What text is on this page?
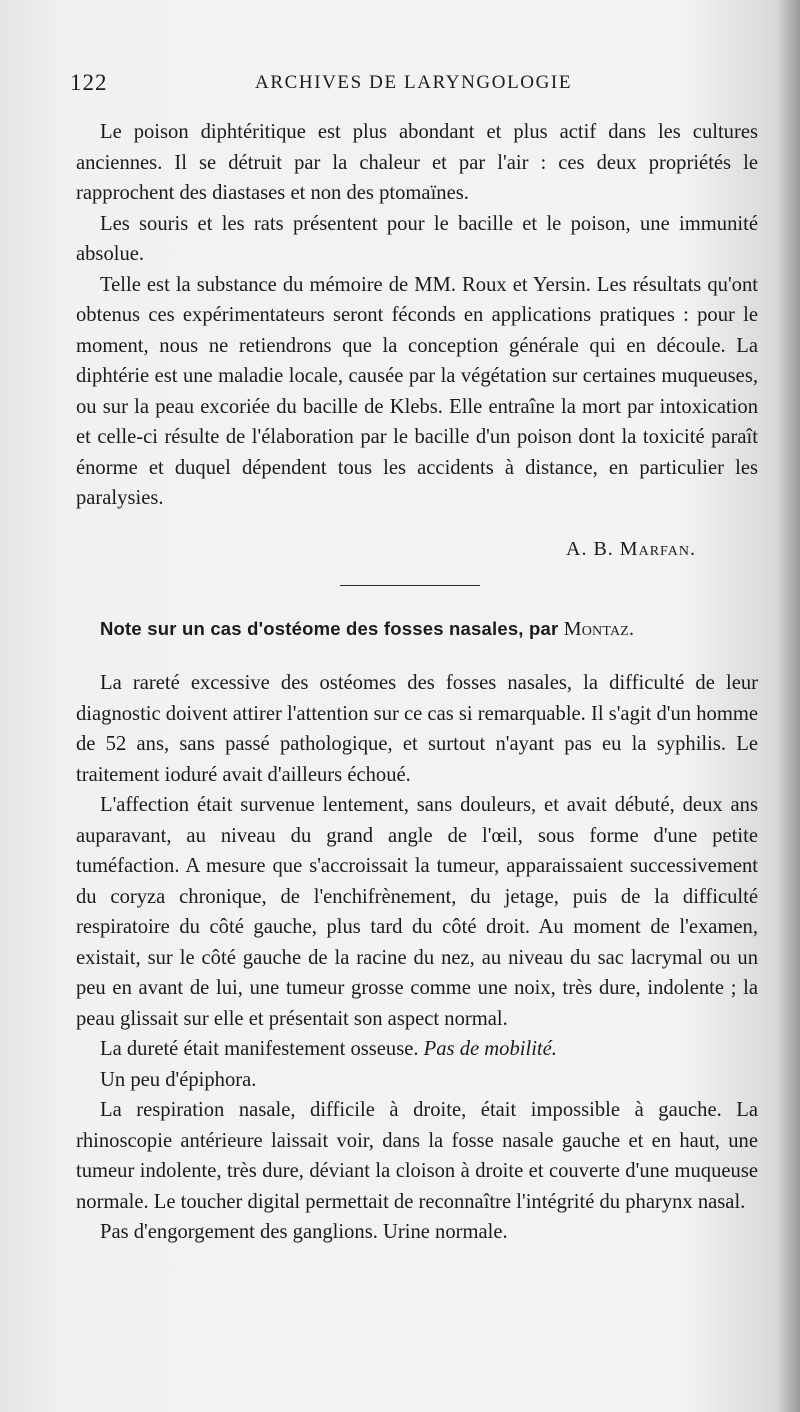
122	ARCHIVES DE LARYNGOLOGIE

Le poison diphtéritique est plus abondant et plus actif dans les cultures anciennes. Il se détruit par la chaleur et par l'air : ces deux propriétés le rapprochent des diastases et non des ptomaïnes.

Les souris et les rats présentent pour le bacille et le poison, une immunité absolue.

Telle est la substance du mémoire de MM. Roux et Yersin. Les résultats qu'ont obtenus ces expérimentateurs seront féconds en applications pratiques : pour le moment, nous ne retiendrons que la conception générale qui en découle. La diphtérie est une maladie locale, causée par la végétation sur certaines muqueuses, ou sur la peau excoriée du bacille de Klebs. Elle entraîne la mort par intoxication et celle-ci résulte de l'élaboration par le bacille d'un poison dont la toxicité paraît énorme et duquel dépendent tous les accidents à distance, en particulier les paralysies.

A. B. Marfan.
Note sur un cas d'ostéome des fosses nasales, par Montaz.

La rareté excessive des ostéomes des fosses nasales, la difficulté de leur diagnostic doivent attirer l'attention sur ce cas si remarquable. Il s'agit d'un homme de 52 ans, sans passé pathologique, et surtout n'ayant pas eu la syphilis. Le traitement ioduré avait d'ailleurs échoué.

L'affection était survenue lentement, sans douleurs, et avait débuté, deux ans auparavant, au niveau du grand angle de l'œil, sous forme d'une petite tuméfaction. A mesure que s'accroissait la tumeur, apparaissaient successivement du coryza chronique, de l'enchifrènement, du jetage, puis de la difficulté respiratoire du côté gauche, plus tard du côté droit. Au moment de l'examen, existait, sur le côté gauche de la racine du nez, au niveau du sac lacrymal ou un peu en avant de lui, une tumeur grosse comme une noix, très dure, indolente ; la peau glissait sur elle et présentait son aspect normal.

La dureté était manifestement osseuse. Pas de mobilité.

Un peu d'épiphora.

La respiration nasale, difficile à droite, était impossible à gauche. La rhinoscopie antérieure laissait voir, dans la fosse nasale gauche et en haut, une tumeur indolente, très dure, déviant la cloison à droite et couverte d'une muqueuse normale. Le toucher digital permettait de reconnaître l'intégrité du pharynx nasal.

Pas d'engorgement des ganglions. Urine normale.
